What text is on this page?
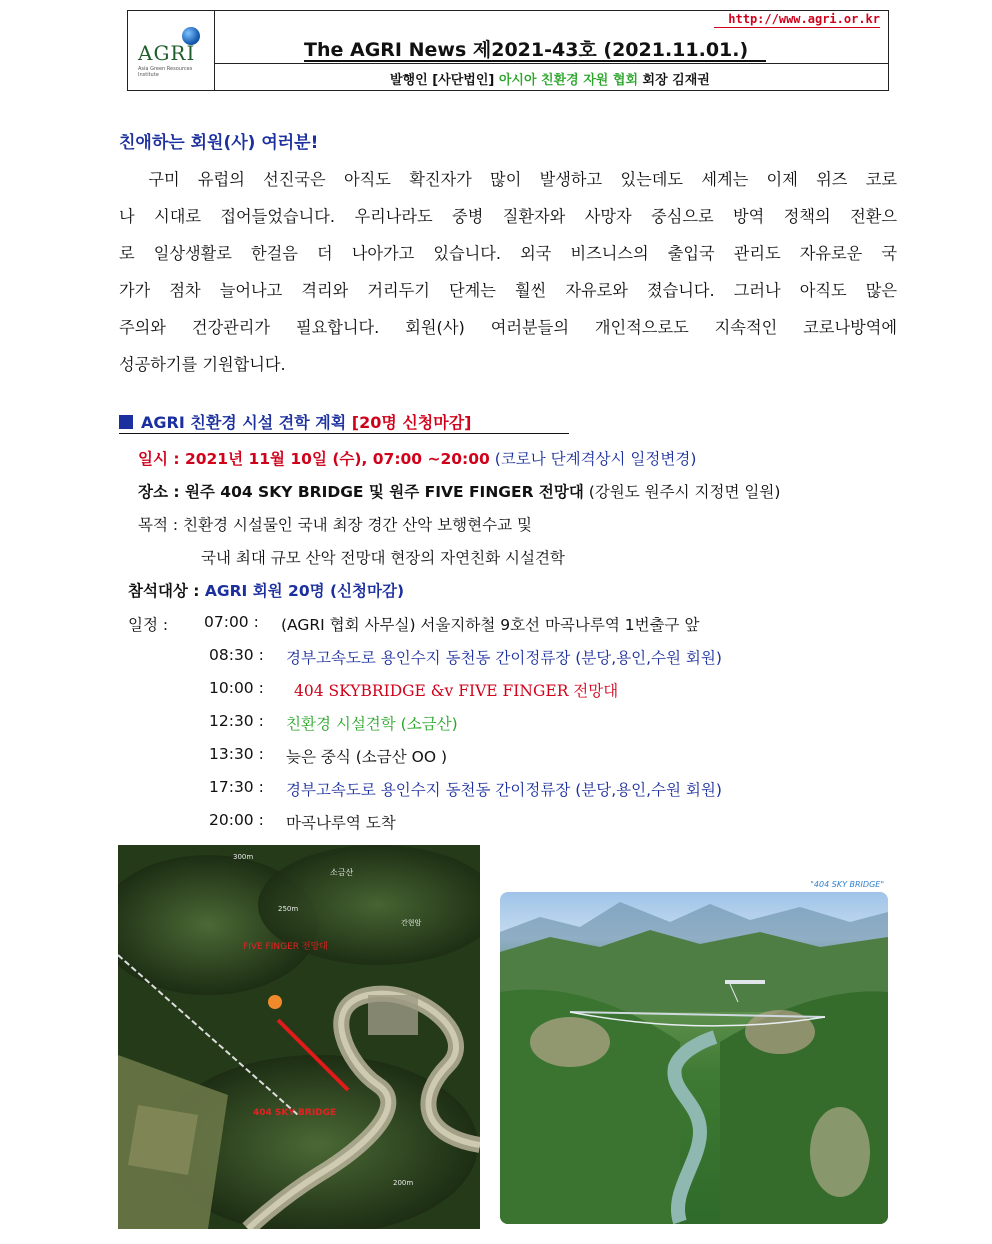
AGRI
Asia Green Resources Institute
http://www.agri.or.kr
The AGRI News 제2021-43호 (2021.11.01.)
발행인 [사단법인] 아시아 친환경 자원 협회 회장 김재권
친애하는 회원(사) 여러분!
　구미 유럽의 선진국은 아직도 확진자가 많이 발생하고 있는데도 세계는 이제 위즈 코로
나 시대로 접어들었습니다. 우리나라도 중병 질환자와 사망자 중심으로 방역 정책의 전환으
로 일상생활로 한걸음 더 나아가고 있습니다. 외국 비즈니스의 출입국 관리도 자유로운 국
가가 점차 늘어나고 격리와 거리두기 단계는 훨씬 자유로와 졌습니다. 그러나 아직도 많은
주의와 건강관리가 필요합니다. 회원(사) 여러분들의 개인적으로도 지속적인 코로나방역에
성공하기를 기원합니다.
AGRI 친환경 시설 견학 계획 [20명 신청마감]
일시 : 2021년 11월 10일 (수), 07:00 ~20:00 (코로나 단계격상시 일정변경)
장소 : 원주 404 SKY BRIDGE 및 원주 FIVE FINGER 전망대 (강원도 원주시 지정면 일원)
목적 : 친환경 시설물인 국내 최장 경간 산악 보행현수교 및
국내 최대 규모 산악 전망대 현장의 자연친화 시설견학
참석대상 : AGRI 회원 20명 (신청마감)
일정 : 07:00 : (AGRI 협회 사무실) 서울지하철 9호선 마곡나루역 1번출구 앞
08:30 : 경부고속도로 용인수지 동천동 간이정류장 (분당,용인,수원 회원)
10:00 : 404 SKYBRIDGE &v FIVE FINGER 전망대
12:30 : 친환경 시설견학 (소금산)
13:30 : 늦은 중식 (소금산 OO )
17:30 : 경부고속도로 용인수지 동천동 간이정류장 (분당,용인,수원 회원)
20:00 : 마곡나루역 도착
FIVE FINGER 전망대
404 SKY BRIDGE
소금산
300m
250m
200m
간현암
"404 SKY BRIDGE"
